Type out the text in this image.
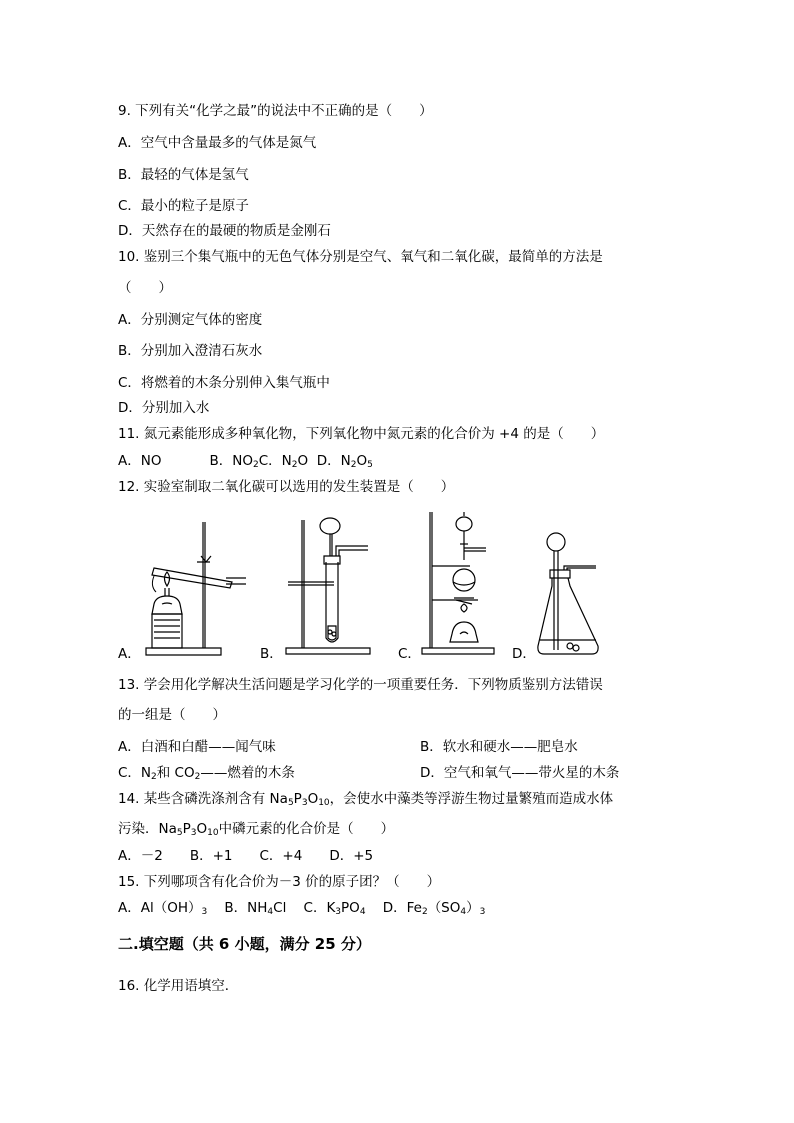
9. 下列有关“化学之最”的说法中不正确的是（　　）
A．空气中含量最多的气体是氮气
B．最轻的气体是氢气
C．最小的粒子是原子
D．天然存在的最硬的物质是金刚石
10. 鉴别三个集气瓶中的无色气体分别是空气、氧气和二氧化碳，最简单的方法是
（　　）
A．分别测定气体的密度
B．分别加入澄清石灰水
C．将燃着的木条分别伸入集气瓶中
D．分别加入水
11. 氮元素能形成多种氧化物，下列氧化物中氮元素的化合价为 +4 的是（　　）
A．NO	B．$NO_2C$．$N_2O$ D．$N_2O_5$
12. 实验室制取二氧化碳可以选用的发生装置是（　　）
A．	B．	C．	D．
13. 学会用化学解决生活问题是学习化学的一项重要任务．下列物质鉴别方法错误
的一组是（　　）
A．白酒和白醋——闻气味	B．软水和硬水——肥皂水
C．$N_2$和 $CO_2——$燃着的木条	D．空气和氧气——带火星的木条
14. 某些含磷洗涤剂含有 $Na_5P_3O_{10}$，会使水中藻类等浮游生物过量繁殖而造成水体
污染．$Na_5P_3O_{10}$中磷元素的化合价是（　　）
A．－2　　B．+1　　C．+4　　D．+5
15. 下列哪项含有化合价为－3 价的原子团？（　　）
A．$Al(OH)_3$ B．$NH_4Cl$ C．$K_3PO_4$ D．$Fe_2(SO_4)_3$
二.填空题（共 6 小题，满分 25 分）
16. 化学用语填空．
